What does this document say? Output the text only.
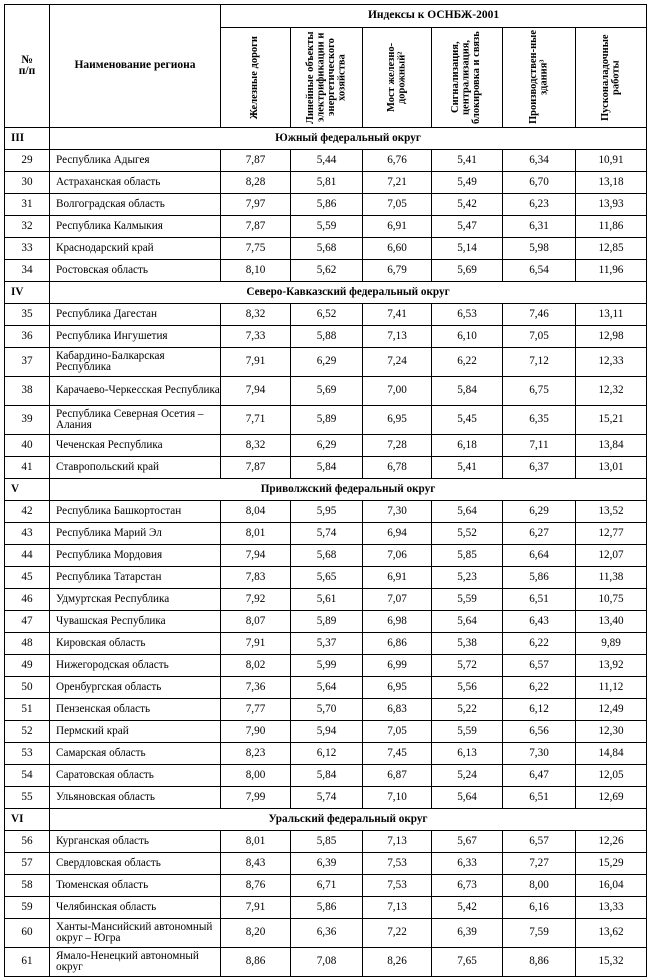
№
п/п	Наименование региона	Индексы к ОСНБЖ-2001					

		Железные дороги	Линейные объекты электрификации и энергетического хозяйства	Мост железно-дорожный²	Сигнализация, централизация, блокировка и связь	Производствен-ные здания³	Пусконаладочные работы

III	Южный федеральный округ						
29	Республика Адыгея	7,87	5,44	6,76	5,41	6,34	10,91
30	Астраханская область	8,28	5,81	7,21	5,49	6,70	13,18
31	Волгоградская область	7,97	5,86	7,05	5,42	6,23	13,93
32	Республика Калмыкия	7,87	5,59	6,91	5,47	6,31	11,86
33	Краснодарский край	7,75	5,68	6,60	5,14	5,98	12,85
34	Ростовская область	8,10	5,62	6,79	5,69	6,54	11,96
IV	Северо-Кавказский федеральный округ						
35	Республика Дагестан	8,32	6,52	7,41	6,53	7,46	13,11
36	Республика Ингушетия	7,33	5,88	7,13	6,10	7,05	12,98
37	Кабардино-Балкарская Республика	7,91	6,29	7,24	6,22	7,12	12,33
38	Карачаево-Черкесская Республика	7,94	5,69	7,00	5,84	6,75	12,32
39	Республика Северная Осетия – Алания	7,71	5,89	6,95	5,45	6,35	15,21
40	Чеченская Республика	8,32	6,29	7,28	6,18	7,11	13,84
41	Ставропольский край	7,87	5,84	6,78	5,41	6,37	13,01
V	Приволжский федеральный округ						
42	Республика Башкортостан	8,04	5,95	7,30	5,64	6,29	13,52
43	Республика Марий Эл	8,01	5,74	6,94	5,52	6,27	12,77
44	Республика Мордовия	7,94	5,68	7,06	5,85	6,64	12,07
45	Республика Татарстан	7,83	5,65	6,91	5,23	5,86	11,38
46	Удмуртская Республика	7,92	5,61	7,07	5,59	6,51	10,75
47	Чувашская Республика	8,07	5,89	6,98	5,64	6,43	13,40
48	Кировская область	7,91	5,37	6,86	5,38	6,22	9,89
49	Нижегородская область	8,02	5,99	6,99	5,72	6,57	13,92
50	Оренбургская область	7,36	5,64	6,95	5,56	6,22	11,12
51	Пензенская область	7,77	5,70	6,83	5,22	6,12	12,49
52	Пермский край	7,90	5,94	7,05	5,59	6,56	12,30
53	Самарская область	8,23	6,12	7,45	6,13	7,30	14,84
54	Саратовская область	8,00	5,84	6,87	5,24	6,47	12,05
55	Ульяновская область	7,99	5,74	7,10	5,64	6,51	12,69
VI	Уральский федеральный округ						
56	Курганская область	8,01	5,85	7,13	5,67	6,57	12,26
57	Свердловская область	8,43	6,39	7,53	6,33	7,27	15,29
58	Тюменская область	8,76	6,71	7,53	6,73	8,00	16,04
59	Челябинская область	7,91	5,86	7,13	5,42	6,16	13,33
60	Ханты-Мансийский автономный округ – Югра	8,20	6,36	7,22	6,39	7,59	13,62
61	Ямало-Ненецкий автономный округ	8,86	7,08	8,26	7,65	8,86	15,32
